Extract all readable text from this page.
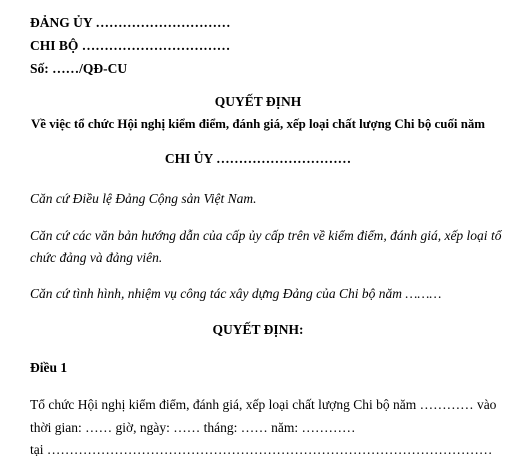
ĐẢNG ỦY …………………………
CHI BỘ ……………………………
Số: ……/QĐ-CU
QUYẾT ĐỊNH
Về việc tổ chức Hội nghị kiểm điểm, đánh giá, xếp loại chất lượng Chi bộ cuối năm
CHI ỦY …………………………
Căn cứ Điều lệ Đảng Cộng sản Việt Nam.
Căn cứ các văn bản hướng dẫn của cấp ủy cấp trên về kiểm điểm, đánh giá, xếp loại tổ
chức đảng và đảng viên.
Căn cứ tình hình, nhiệm vụ công tác xây dựng Đảng của Chi bộ năm ………
QUYẾT ĐỊNH:
Điều 1
Tổ chức Hội nghị kiểm điểm, đánh giá, xếp loại chất lượng Chi bộ năm ………… vào
thời gian: …… giờ, ngày: …… tháng: …… năm: …………
tại ………………………………………………………………………………………
